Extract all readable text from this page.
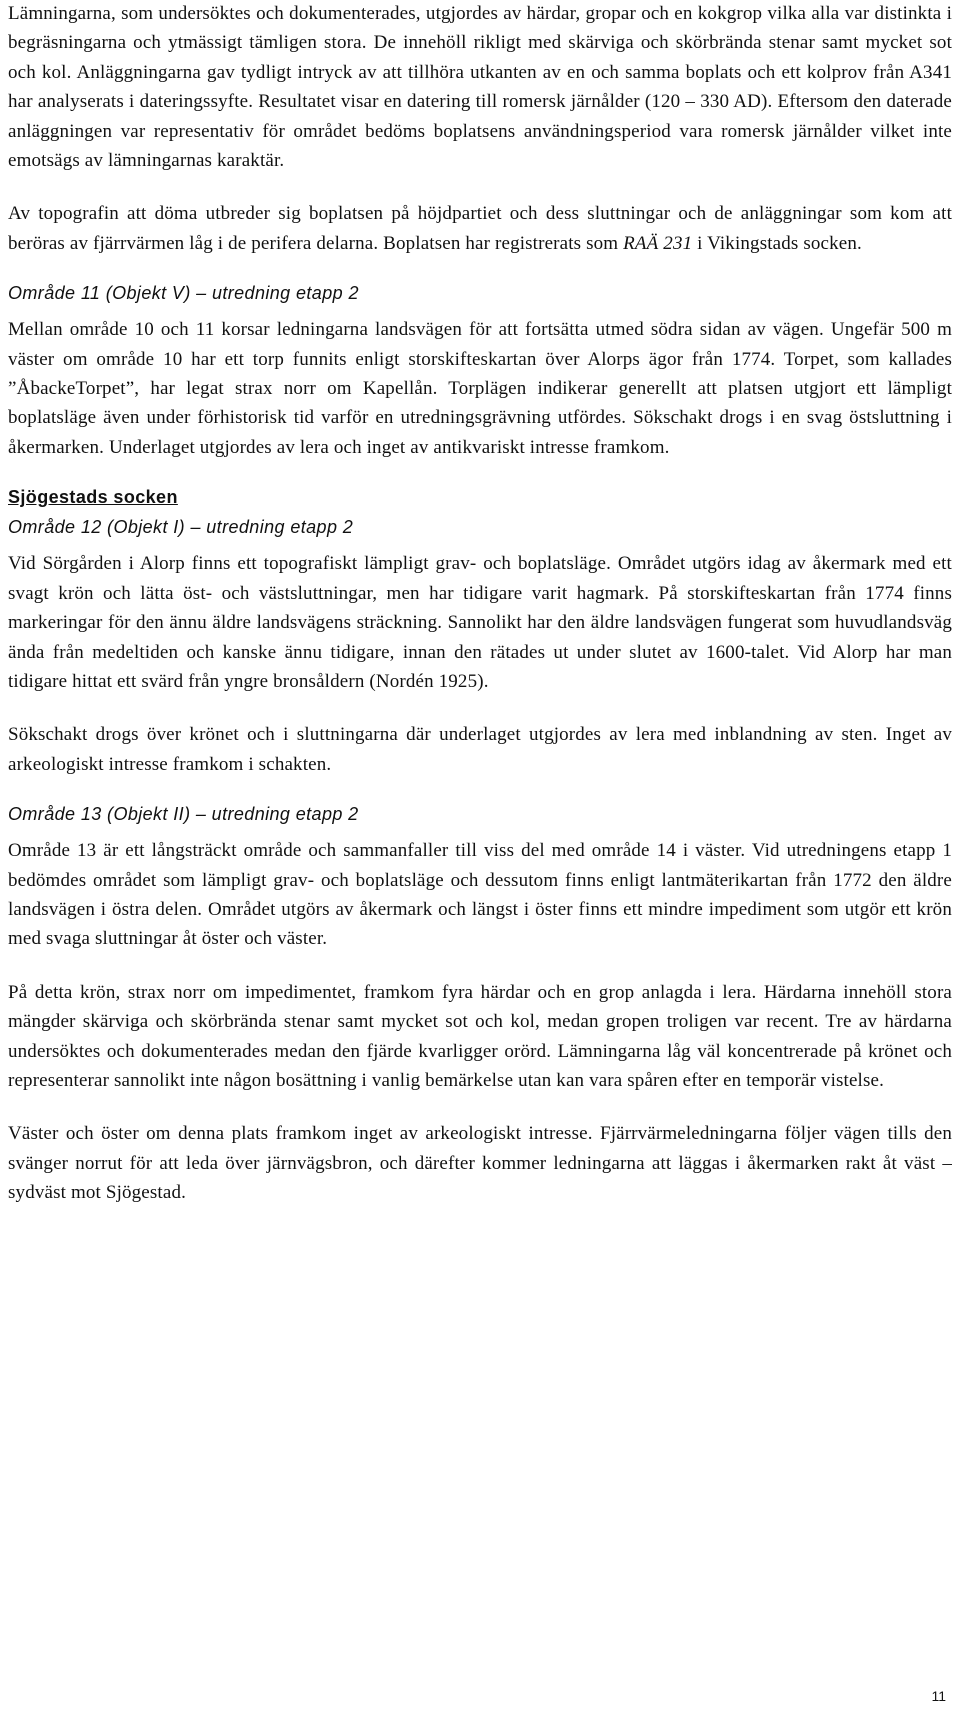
Lämningarna, som undersöktes och dokumenterades, utgjordes av härdar, gropar och en kokgrop vilka alla var distinkta i begräsningarna och ytmässigt tämligen stora. De innehöll rikligt med skärviga och skörbrända stenar samt mycket sot och kol. Anläggningarna gav tydligt intryck av att tillhöra utkanten av en och samma boplats och ett kolprov från A341 har analyserats i dateringssyfte. Resultatet visar en datering till romersk järnålder (120 – 330 AD). Eftersom den daterade anläggningen var representativ för området bedöms boplatsens användningsperiod vara romersk järnålder vilket inte emotsägs av lämningarnas karaktär.

Av topografin att döma utbreder sig boplatsen på höjdpartiet och dess sluttningar och de anläggningar som kom att beröras av fjärrvärmen låg i de perifera delarna. Boplatsen har registrerats som RAÄ 231 i Vikingstads socken.

Område 11 (Objekt V) – utredning etapp 2

Mellan område 10 och 11 korsar ledningarna landsvägen för att fortsätta utmed södra sidan av vägen. Ungefär 500 m väster om område 10 har ett torp funnits enligt storskifteskartan över Alorps ägor från 1774. Torpet, som kallades ”ÅbackeTorpet”, har legat strax norr om Kapellån. Torplägen indikerar generellt att platsen utgjort ett lämpligt boplatsläge även under förhistorisk tid varför en utredningsgrävning utfördes. Sökschakt drogs i en svag östsluttning i åkermarken. Underlaget utgjordes av lera och inget av antikvariskt intresse framkom.

Sjögestads socken
Område 12 (Objekt I) – utredning etapp 2

Vid Sörgården i Alorp finns ett topografiskt lämpligt grav- och boplatsläge. Området utgörs idag av åkermark med ett svagt krön och lätta öst- och västsluttningar, men har tidigare varit hagmark. På storskifteskartan från 1774 finns markeringar för den ännu äldre landsvägens sträckning. Sannolikt har den äldre landsvägen fungerat som huvudlandsväg ända från medeltiden och kanske ännu tidigare, innan den rätades ut under slutet av 1600-talet. Vid Alorp har man tidigare hittat ett svärd från yngre bronsåldern (Nordén 1925).

Sökschakt drogs över krönet och i sluttningarna där underlaget utgjordes av lera med inblandning av sten. Inget av arkeologiskt intresse framkom i schakten.

Område 13 (Objekt II) – utredning etapp 2

Område 13 är ett långsträckt område och sammanfaller till viss del med område 14 i väster. Vid utredningens etapp 1 bedömdes området som lämpligt grav- och boplatsläge och dessutom finns enligt lantmäterikartan från 1772 den äldre landsvägen i östra delen. Området utgörs av åkermark och längst i öster finns ett mindre impediment som utgör ett krön med svaga sluttningar åt öster och väster.

På detta krön, strax norr om impedimentet, framkom fyra härdar och en grop anlagda i lera. Härdarna innehöll stora mängder skärviga och skörbrända stenar samt mycket sot och kol, medan gropen troligen var recent. Tre av härdarna undersöktes och dokumenterades medan den fjärde kvarligger orörd. Lämningarna låg väl koncentrerade på krönet och representerar sannolikt inte någon bosättning i vanlig bemärkelse utan kan vara spåren efter en temporär vistelse.

Väster och öster om denna plats framkom inget av arkeologiskt intresse. Fjärrvärmeledningarna följer vägen tills den svänger norrut för att leda över järnvägsbron, och därefter kommer ledningarna att läggas i åkermarken rakt åt väst – sydväst mot Sjögestad.

11
